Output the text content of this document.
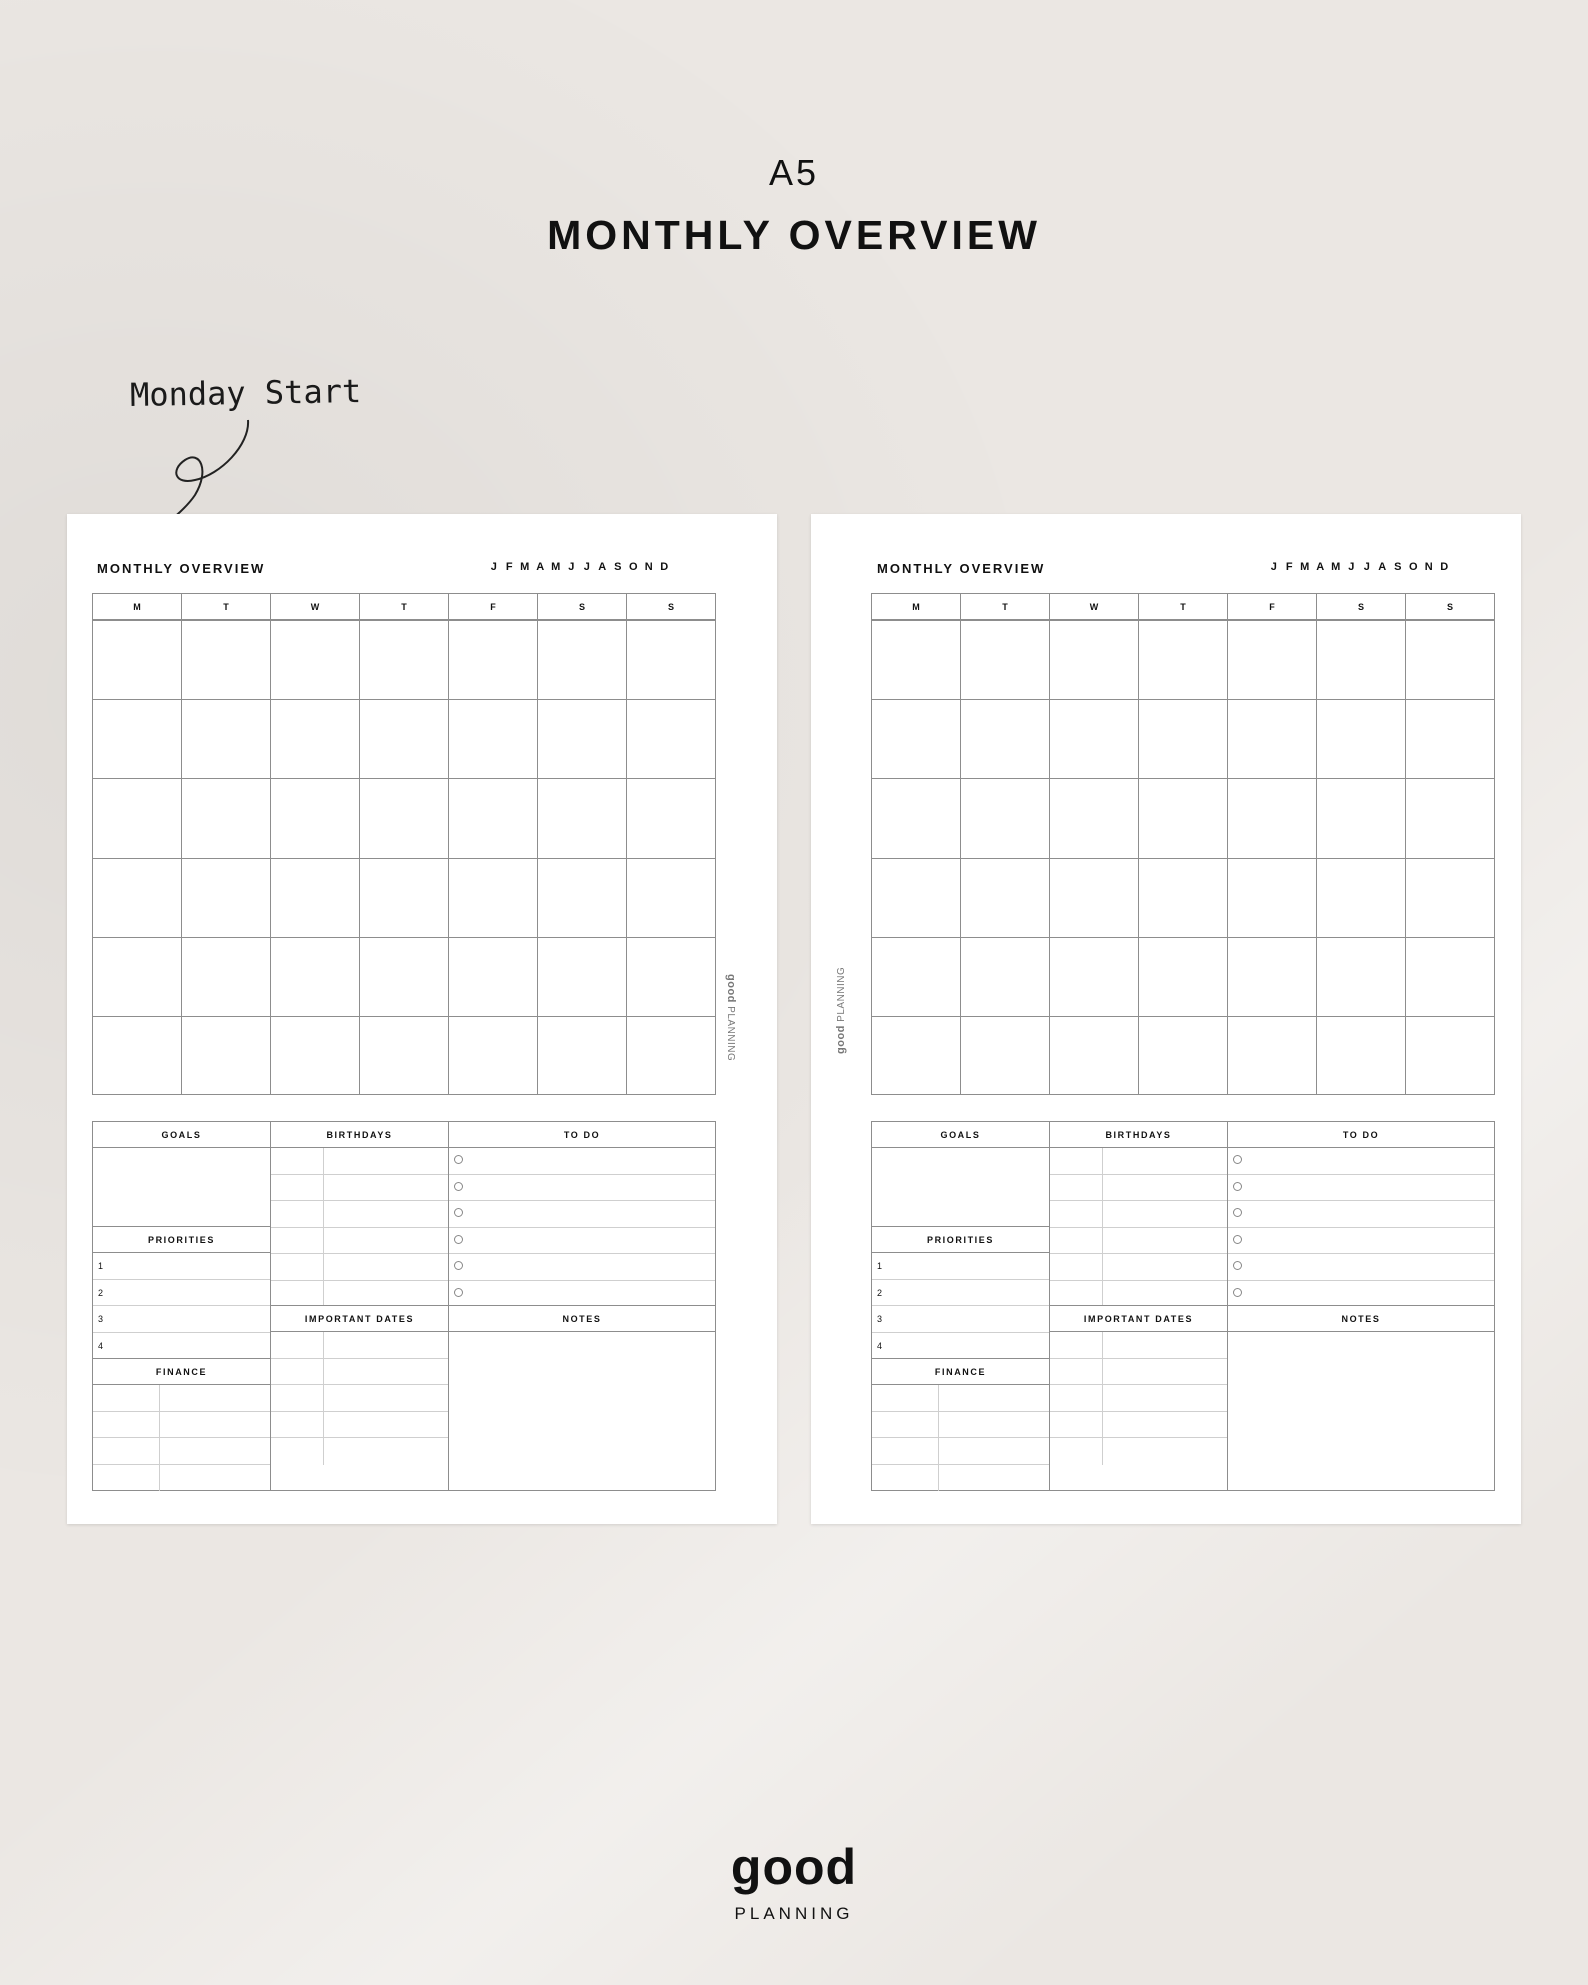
A5
MONTHLY OVERVIEW
Monday Start
MONTHLY OVERVIEW	J F M A M J J A S O N D
M	T	W	T	F	S	S
good PLANNING
GOALS
PRIORITIES
1
2
3
4
FINANCE
BIRTHDAYS
IMPORTANT DATES
TO DO
NOTES
MONTHLY OVERVIEW	J F M A M J J A S O N D
M	T	W	T	F	S	S
good PLANNING
GOALS
PRIORITIES
1
2
3
4
FINANCE
BIRTHDAYS
IMPORTANT DATES
TO DO
NOTES
good
PLANNING
